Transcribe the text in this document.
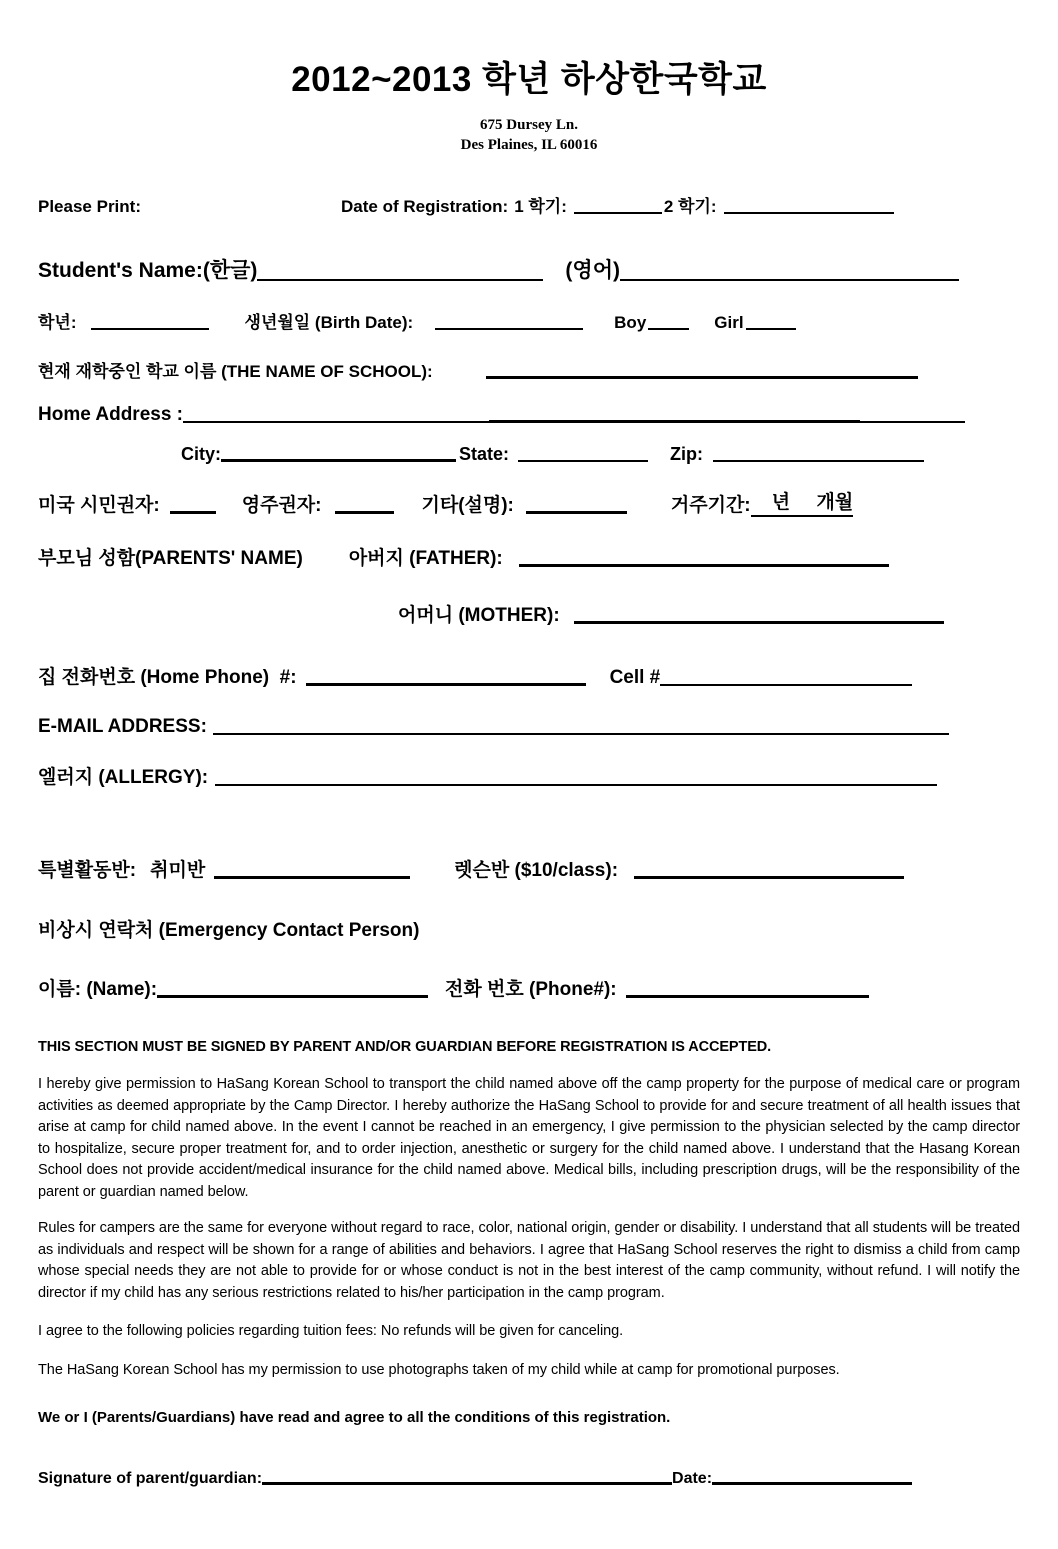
2012~2013 학년 하상한국학교
675 Dursey Ln.
Des Plaines, IL 60016
Please Print:	Date of Registration: 1 학기:	2 학기:
Student's Name:(한글)	(영어)
학년:	생년월일 (Birth Date):	Boy	Girl
현재 재학중인 학교 이름 (THE NAME OF SCHOOL):
Home Address :
City:	State:	Zip:
미국 시민권자:	영주권자:	기타(설명):	거주기간: 년 개월
부모님 성함(PARENTS' NAME) 아버지 (FATHER):
어머니 (MOTHER):
집 전화번호 (Home Phone)  #:	Cell #
E-MAIL ADDRESS:
엘러지 (ALLERGY):
특별활동반: 취미반	렛슨반 ($10/class):
비상시 연락처 (Emergency Contact Person)
이름: (Name):	전화 번호 (Phone#):
THIS SECTION MUST BE SIGNED BY PARENT AND/OR GUARDIAN BEFORE REGISTRATION IS ACCEPTED.
I hereby give permission to HaSang Korean School to transport the child named above off the camp property for the purpose of medical care or program activities as deemed appropriate by the Camp Director. I hereby authorize the HaSang School to provide for and secure treatment of all health issues that arise at camp for child named above. In the event I cannot be reached in an emergency, I give permission to the physician selected by the camp director to hospitalize, secure proper treatment for, and to order injection, anesthetic or surgery for the child named above. I understand that the Hasang Korean School does not provide accident/medical insurance for the child named above. Medical bills, including prescription drugs, will be the responsibility of the parent or guardian named below.
Rules for campers are the same for everyone without regard to race, color, national origin, gender or disability. I understand that all students will be treated as individuals and respect will be shown for a range of abilities and behaviors. I agree that HaSang School reserves the right to dismiss a child from camp whose special needs they are not able to provide for or whose conduct is not in the best interest of the camp community, without refund. I will notify the director if my child has any serious restrictions related to his/her participation in the camp program.
I agree to the following policies regarding tuition fees: No refunds will be given for canceling.
The HaSang Korean School has my permission to use photographs taken of my child while at camp for promotional purposes.
We or I (Parents/Guardians) have read and agree to all the conditions of this registration.
Signature of parent/guardian:	Date:
